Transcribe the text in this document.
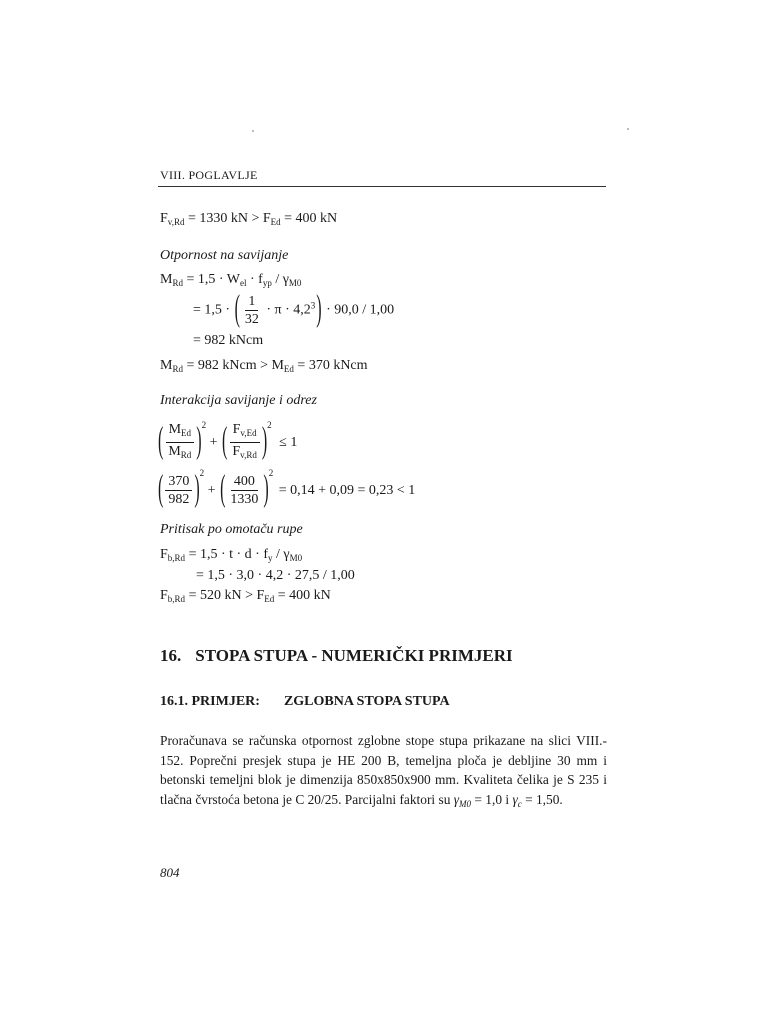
VIII. POGLAVLJE
$F_{v,Rd} = 1330$ kN > $F_{Ed} = 400$ kN
Otpornost na savijanje
$M_{Rd} = 1,5 \cdot W_{el} \cdot f_{yp} / \gamma_{M0}$
= 1,5 · ( $\frac{1}{32} \cdot \pi \cdot 4,2^3) \cdot 90,0 / 1,00$
= 982 kNcm
$M_{Rd} = 982$ kNcm > $M_{Ed} = 370$ kNcm
Interakcija savijanje i odrez
( $\frac{M_{Ed}}{M_{Rd}} )^2$ + ( $\frac{F_{v,Ed}}{F_{v,Rd}} )^2 \le 1$
( $\frac{370}{982} )^2$ + ( $\frac{400}{1330} )^2 = 0,14 + 0,09 = 0,23 < 1$
Pritisak po omotaču rupe
$F_{b,Rd} = 1,5 \cdot t \cdot d \cdot f_y / \gamma_{M0}$
= 1,5 · 3,0 · 4,2 · 27,5 / 1,00
$F_{b,Rd} = 520$ kN > $F_{Ed} = 400$ kN
16. STOPA STUPA - NUMERIČKI PRIMJERI
16.1. PRIMJER: ZGLOBNA STOPA STUPA
Proračunava se računska otpornost zglobne stope stupa prikazane na slici VIII.-
152. Poprečni presjek stupa je HE 200 B, temeljna ploča je debljine 30 mm i
betonski temeljni blok je dimenzija 850x850x900 mm. Kvaliteta čelika je S 235 i
tlačna čvrstoća betona je C 20/25. Parcijalni faktori su $\gamma_{M0} = 1,0$ i $\gamma_c = 1,50$.
804
